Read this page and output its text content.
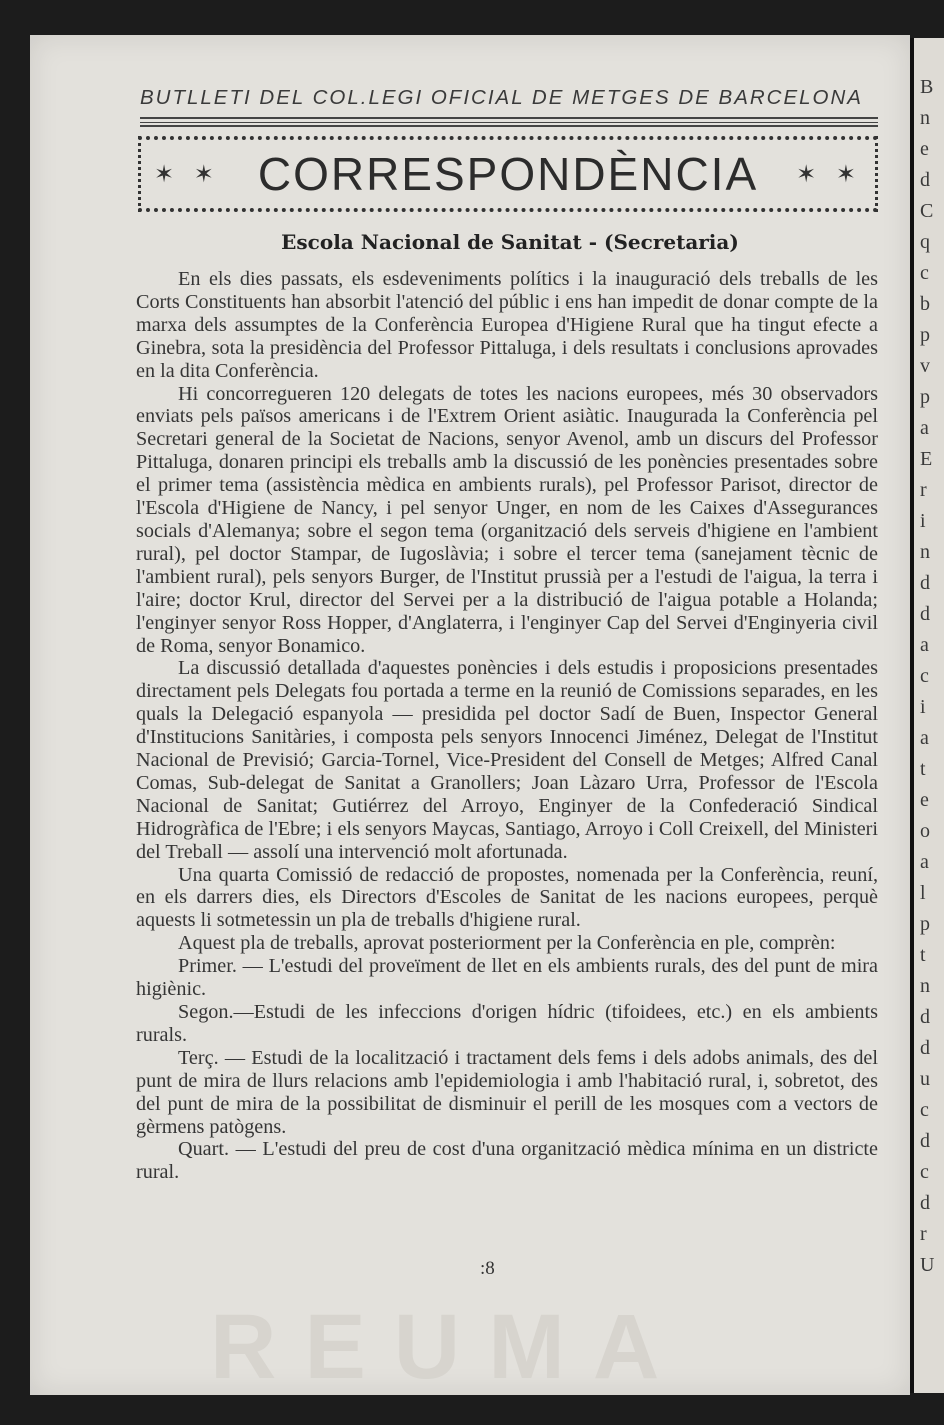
B
n
e
d
C
q
c
b
p
v
p
a
E
r
i
n
d
d
a
c
i
a
t
e
o
a
l
p
t
n
d
d
u
c
d
c
d
r
U
REUMA
BUTLLETI DEL COL.LEGI OFICIAL DE METGES DE BARCELONA
✶ ✶ CORRESPONDÈNCIA ✶ ✶
Escola Nacional de Sanitat - (Secretaria)

En els dies passats, els esdeveniments polítics i la inauguració dels treballs de les Corts Constituents han absorbit l'atenció del públic i ens han impedit de donar compte de la marxa dels assumptes de la Conferència Europea d'Higiene Rural que ha tingut efecte a Ginebra, sota la presidència del Professor Pittaluga, i dels resultats i conclusions aprovades en la dita Conferència.

Hi concorregueren 120 delegats de totes les nacions europees, més 30 observadors enviats pels països americans i de l'Extrem Orient asiàtic. Inaugurada la Conferència pel Secretari general de la Societat de Nacions, senyor Avenol, amb un discurs del Professor Pittaluga, donaren principi els treballs amb la discussió de les ponències presentades sobre el primer tema (assistència mèdica en ambients rurals), pel Professor Parisot, director de l'Escola d'Higiene de Nancy, i pel senyor Unger, en nom de les Caixes d'Assegurances socials d'Alemanya; sobre el segon tema (organització dels serveis d'higiene en l'ambient rural), pel doctor Stampar, de Iugoslàvia; i sobre el tercer tema (sanejament tècnic de l'ambient rural), pels senyors Burger, de l'Institut prussià per a l'estudi de l'aigua, la terra i l'aire; doctor Krul, director del Servei per a la distribució de l'aigua potable a Holanda; l'enginyer senyor Ross Hopper, d'Anglaterra, i l'enginyer Cap del Servei d'Enginyeria civil de Roma, senyor Bonamico.

La discussió detallada d'aquestes ponències i dels estudis i proposicions presentades directament pels Delegats fou portada a terme en la reunió de Comissions separades, en les quals la Delegació espanyola — presidida pel doctor Sadí de Buen, Inspector General d'Institucions Sanitàries, i composta pels senyors Innocenci Jiménez, Delegat de l'Institut Nacional de Previsió; Garcia-Tornel, Vice-President del Consell de Metges; Alfred Canal Comas, Sub-delegat de Sanitat a Granollers; Joan Làzaro Urra, Professor de l'Escola Nacional de Sanitat; Gutiérrez del Arroyo, Enginyer de la Confederació Sindical Hidrogràfica de l'Ebre; i els senyors Maycas, Santiago, Arroyo i Coll Creixell, del Ministeri del Treball — assolí una intervenció molt afortunada.

Una quarta Comissió de redacció de propostes, nomenada per la Conferència, reuní, en els darrers dies, els Directors d'Escoles de Sanitat de les nacions europees, perquè aquests li sotmetessin un pla de treballs d'higiene rural.

Aquest pla de treballs, aprovat posteriorment per la Conferència en ple, comprèn:

Primer. — L'estudi del proveïment de llet en els ambients rurals, des del punt de mira higiènic.

Segon.—Estudi de les infeccions d'origen hídric (tifoidees, etc.) en els ambients rurals.

Terç. — Estudi de la localització i tractament dels fems i dels adobs animals, des del punt de mira de llurs relacions amb l'epidemiologia i amb l'habitació rural, i, sobretot, des del punt de mira de la possibilitat de disminuir el perill de les mosques com a vectors de gèrmens patògens.

Quart. — L'estudi del preu de cost d'una organització mèdica mínima en un districte rural.

:8
